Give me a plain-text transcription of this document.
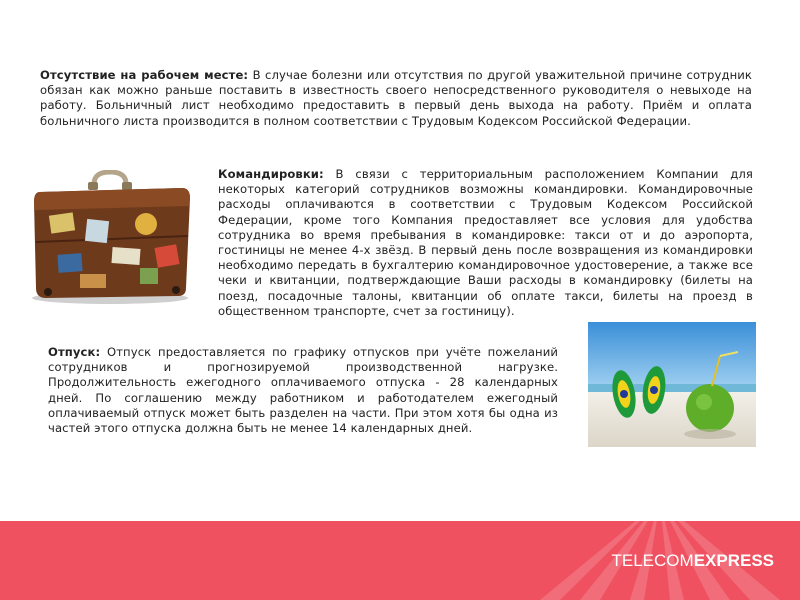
Отсутствие на рабочем месте: В случае болезни или отсутствия по другой уважительной причине сотрудник обязан как можно раньше поставить в известность своего непосредственного руководителя о невыходе на работу. Больничный лист необходимо предоставить в первый день выхода на работу. Приём и оплата больничного листа производится в полном соответствии с Трудовым Кодексом Российской Федерации.
Командировки: В связи с территориальным расположением Компании для некоторых категорий сотрудников возможны командировки. Командировочные расходы оплачиваются в соответствии с Трудовым Кодексом Российской Федерации, кроме того Компания предоставляет все условия для удобства сотрудника во время пребывания в командировке: такси от и до аэропорта, гостиницы не менее 4-х звёзд. В первый день после возвращения из командировки необходимо передать в бухгалтерию командировочное удостоверение, а также все чеки и квитанции, подтверждающие Ваши расходы в командировку (билеты на поезд, посадочные талоны, квитанции об оплате такси, билеты на проезд в общественном транспорте, счет за гостиницу).
Отпуск: Отпуск предоставляется по графику отпусков при учёте пожеланий сотрудников и прогнозируемой производственной нагрузке. Продолжительность ежегодного оплачиваемого отпуска - 28 календарных дней. По соглашению между работником и работодателем ежегодный оплачиваемый отпуск может быть разделен на части. При этом хотя бы одна из частей этого отпуска должна быть не менее 14 календарных дней.
TELECOMEXPRESS
